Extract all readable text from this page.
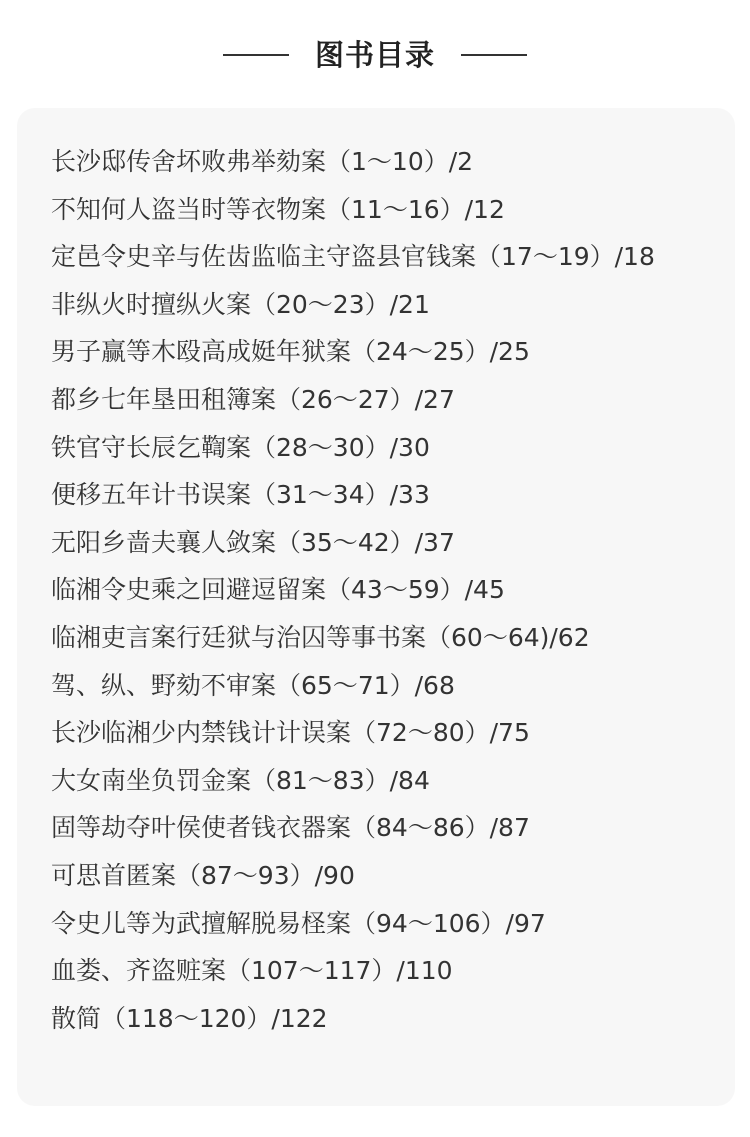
图书目录
长沙邸传舍坏败弗举劾案（1～10）/2
不知何人盗当时等衣物案（11～16）/12
定邑令史辛与佐齿监临主守盗县官钱案（17～19）/18
非纵火时擅纵火案（20～23）/21
男子赢等木殴高成娗年狱案（24～25）/25
都乡七年垦田租簿案（26～27）/27
铁官守长辰乞鞫案（28～30）/30
便移五年计书误案（31～34）/33
无阳乡啬夫襄人敛案（35～42）/37
临湘令史乘之回避逗留案（43～59）/45
临湘吏言案行廷狱与治囚等事书案（60～64)/62
驾、纵、野劾不审案（65～71）/68
长沙临湘少内禁钱计计误案（72～80）/75
大女南坐负罚金案（81～83）/84
固等劫夺叶侯使者钱衣器案（84～86）/87
可思首匿案（87～93）/90
令史儿等为武擅解脱易柽案（94～106）/97
血娄、齐盗赃案（107～117）/110
散简（118～120）/122
